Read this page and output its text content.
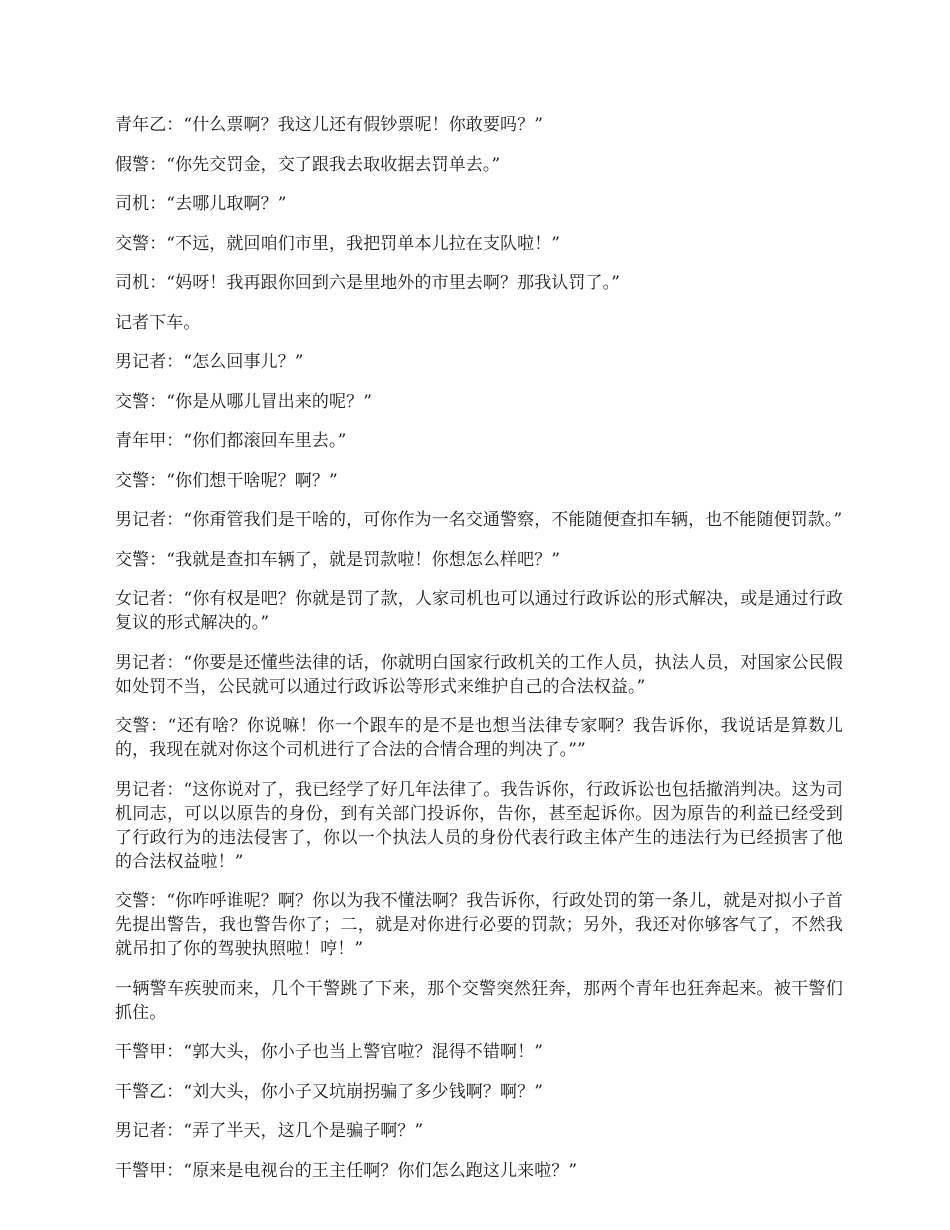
青年乙：“什么票啊？我这儿还有假钞票呢！你敢要吗？”

假警：“你先交罚金，交了跟我去取收据去罚单去。”

司机：“去哪儿取啊？”

交警：“不远，就回咱们市里，我把罚单本儿拉在支队啦！”

司机：“妈呀！我再跟你回到六是里地外的市里去啊？那我认罚了。”

记者下车。

男记者：“怎么回事儿？”

交警：“你是从哪儿冒出来的呢？”

青年甲：“你们都滚回车里去。”

交警：“你们想干啥呢？啊？”

男记者：“你甭管我们是干啥的，可你作为一名交通警察，不能随便查扣车辆，也不能随便罚款。”

交警：“我就是查扣车辆了，就是罚款啦！你想怎么样吧？”

女记者：“你有权是吧？你就是罚了款，人家司机也可以通过行政诉讼的形式解决，或是通过行政复议的形式解决的。”

男记者：“你要是还懂些法律的话，你就明白国家行政机关的工作人员，执法人员，对国家公民假如处罚不当，公民就可以通过行政诉讼等形式来维护自己的合法权益。”

交警：“还有啥？你说嘛！你一个跟车的是不是也想当法律专家啊？我告诉你，我说话是算数儿的，我现在就对你这个司机进行了合法的合情合理的判决了。””

男记者：“这你说对了，我已经学了好几年法律了。我告诉你，行政诉讼也包括撤消判决。这为司机同志，可以以原告的身份，到有关部门投诉你，告你，甚至起诉你。因为原告的利益已经受到了行政行为的违法侵害了，你以一个执法人员的身份代表行政主体产生的违法行为已经损害了他的合法权益啦！”

交警：“你咋呼谁呢？啊？你以为我不懂法啊？我告诉你，行政处罚的第一条儿，就是对拟小子首先提出警告，我也警告你了；二，就是对你进行必要的罚款；另外，我还对你够客气了，不然我就吊扣了你的驾驶执照啦！哼！”

一辆警车疾驶而来，几个干警跳了下来，那个交警突然狂奔，那两个青年也狂奔起来。被干警们抓住。

干警甲：“郭大头，你小子也当上警官啦？混得不错啊！”

干警乙：“刘大头，你小子又坑崩拐骗了多少钱啊？啊？”

男记者：“弄了半天，这几个是骗子啊？”

干警甲：“原来是电视台的王主任啊？你们怎么跑这儿来啦？”
